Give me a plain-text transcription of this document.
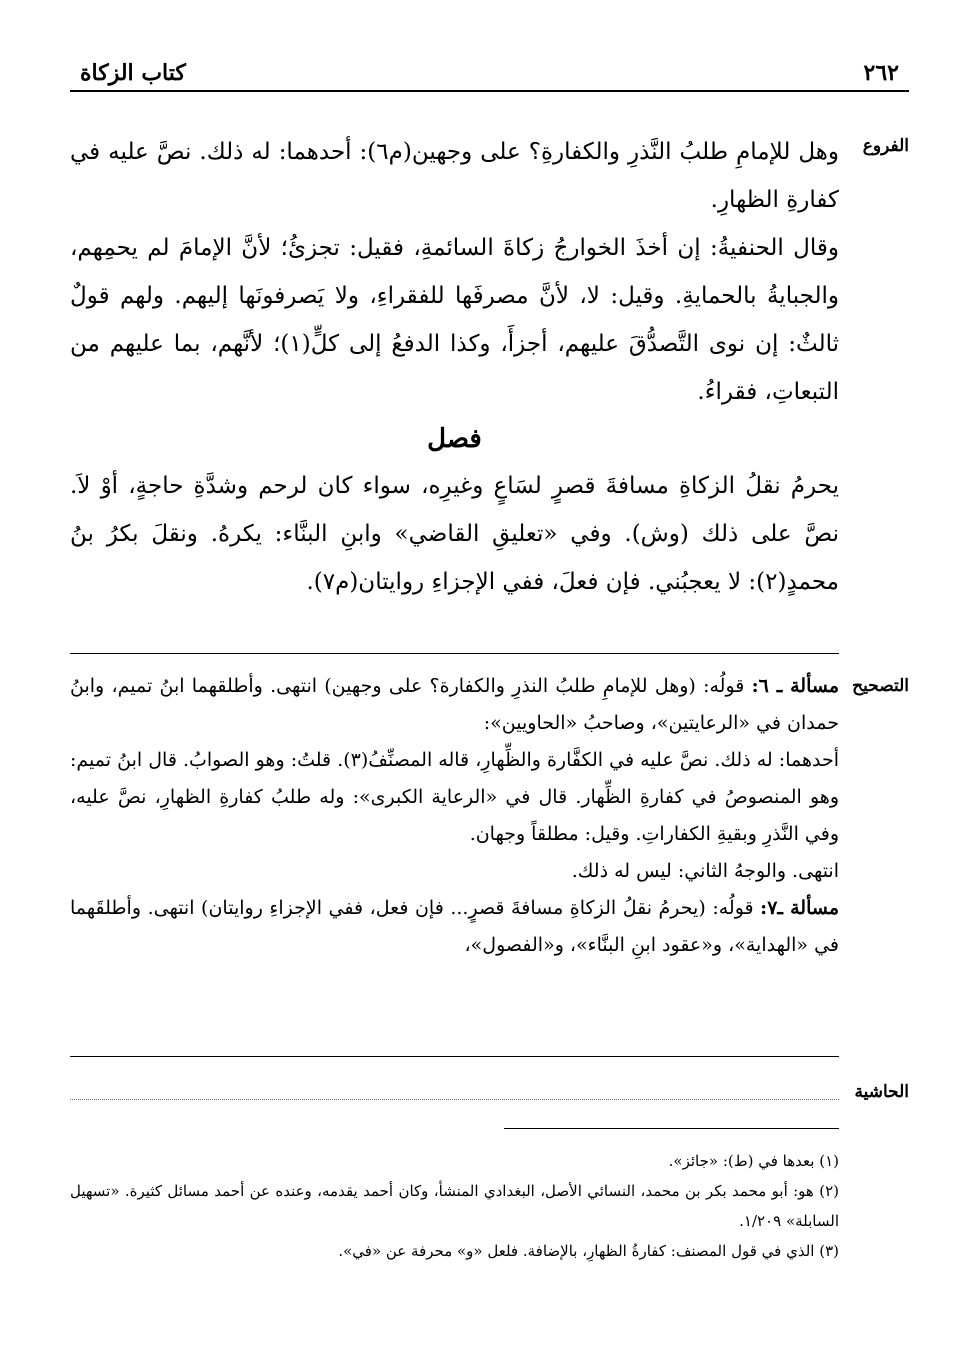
٢٦٢
كتاب الزكاة
الفروع

وهل للإمامِ طلبُ النَّذرِ والكفارةِ؟ على وجهين(م٦): أحدهما: له ذلك. نصَّ عليه في كفارةِ الظهارِ.

وقال الحنفيةُ: إن أخذَ الخوارجُ زكاةَ السائمةِ، فقيل: تجزئُ؛ لأنَّ الإمامَ لم يحمِهم، والجبايةُ بالحمايةِ. وقيل: لا، لأنَّ مصرفَها للفقراءِ، ولا يَصرفونَها إليهم. ولهم قولٌ ثالثٌ: إن نوى التَّصدُّقَ عليهم، أجزأَ، وكذا الدفعُ إلى كلٍّ(١)؛ لأنَّهم، بما عليهم من التبعاتِ، فقراءُ.

فصل

يحرمُ نقلُ الزكاةِ مسافةَ قصرٍ لسَاعٍ وغيرِه، سواء كان لرحم وشدَّةِ حاجةٍ، أوْ لاَ. نصَّ على ذلك (وش). وفي «تعليقِ القاضي» وابنِ البنَّاء: يكرهُ. ونقلَ بكرُ بنُ محمدٍ(٢): لا يعجبُني. فإن فعلَ، ففي الإجزاءِ روايتان(م٧).

التصحيح

مسألة ـ ٦: قولُه: (وهل للإمامِ طلبُ النذرِ والكفارة؟ على وجهين) انتهى. وأطلقهما ابنُ تميم، وابنُ حمدان في «الرعايتين»، وصاحبُ «الحاويين»:

أحدهما: له ذلك. نصَّ عليه في الكفَّارة والظِّهارِ، قاله المصنِّفُ(٣). قلتُ: وهو الصوابُ. قال ابنُ تميم: وهو المنصوصُ في كفارةِ الظِّهار. قال في «الرعاية الكبرى»: وله طلبُ كفارةِ الظهارِ، نصَّ عليه، وفي النَّذرِ وبقيةِ الكفاراتِ. وقيل: مطلقاً وجهان.

انتهى. والوجهُ الثاني: ليس له ذلك.

مسألة ـ٧: قولُه: (يحرمُ نقلُ الزكاةِ مسافةَ قصرٍ... فإن فعل، ففي الإجزاءِ روايتان) انتهى. وأطلقَهما في «الهداية»، و«عقود ابنِ البنَّاء»، و«الفصول»،

الحاشية

(١) بعدها في (ط): «جائز».

(٢) هو: أبو محمد بكر بن محمد، النسائي الأصل، البغدادي المنشأ، وكان أحمد يقدمه، وعنده عن أحمد مسائل كثيرة. «تسهيل السابلة» ١/٢٠٩.

(٣) الذي في قول المصنف: كفارةُ الظهارِ، بالإضافة. فلعل «و» محرفة عن «في».
